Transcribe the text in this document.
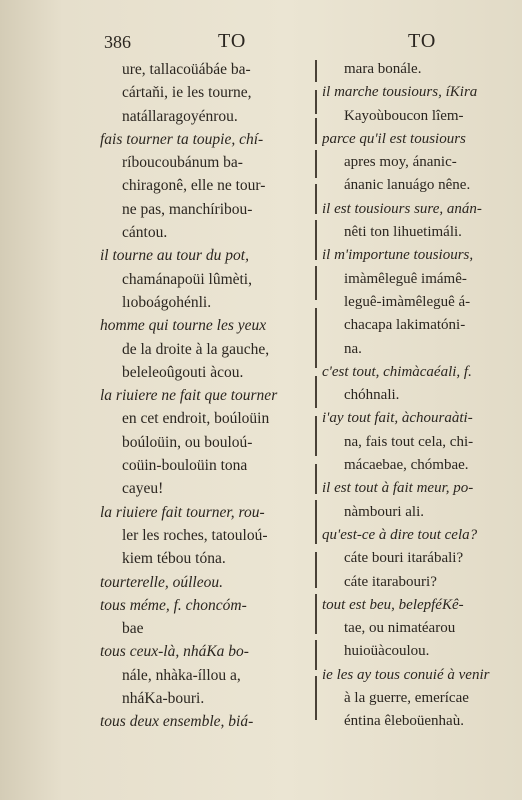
386	TO	TO
ure, tallacoüábáe ba-
cártaňi, ie les tourne,
natállaragoyénrou.
fais tourner ta toupie, chí-
ríboucoubánum ba-
chiragonê, elle ne tour-
ne pas, manchíribou-
cántou.
il tourne au tour du pot,
chamánapoüi lûmèti,
lıoboágohénli.
homme qui tourne les yeux
de la droite à la gauche,
beleleoûgouti àcou.
la riuiere ne fait que tourner
en cet endroit, boúloüin
boúloüin, ou bouloú-
coüin-bouloüin tona
cayeu!
la riuiere fait tourner, rou-
ler les roches, tatouloú-
kiem tébou tóna.
tourterelle, oúlleou.
tous méme, f. choncóm-
bae
tous ceux-là, nháKa bo-
nále, nhàka-íllou a,
nháKa-bouri.
tous deux ensemble, biá-
mara bonále.
il marche tousiours, íKira
Kayoùboucon lîem-
parce qu'il est tousiours
apres moy, ánanic-
ánanic lanuágo nêne.
il est tousiours sure, anán-
nêti ton lihuetimáli.
il m'importune tousiours,
imàmêleguê imámê-
leguê-imàmêleguê á-
chacapa lakimatóni-
na.
c'est tout, chimàcaéali, f.
chóhnali.
i'ay tout fait, àchouraàti-
na, fais tout cela, chi-
mácaebae, chómbae.
il est tout à fait meur, po-
nàmbouri ali.
qu'est-ce à dire tout cela?
cáte bouri itarábali?
cáte itarabouri?
tout est beu, belepféKê-
tae, ou nimatéarou
huioüàcoulou.
ie les ay tous conuié à venir
à la guerre, emerícae
éntina êleboüenhaù.
